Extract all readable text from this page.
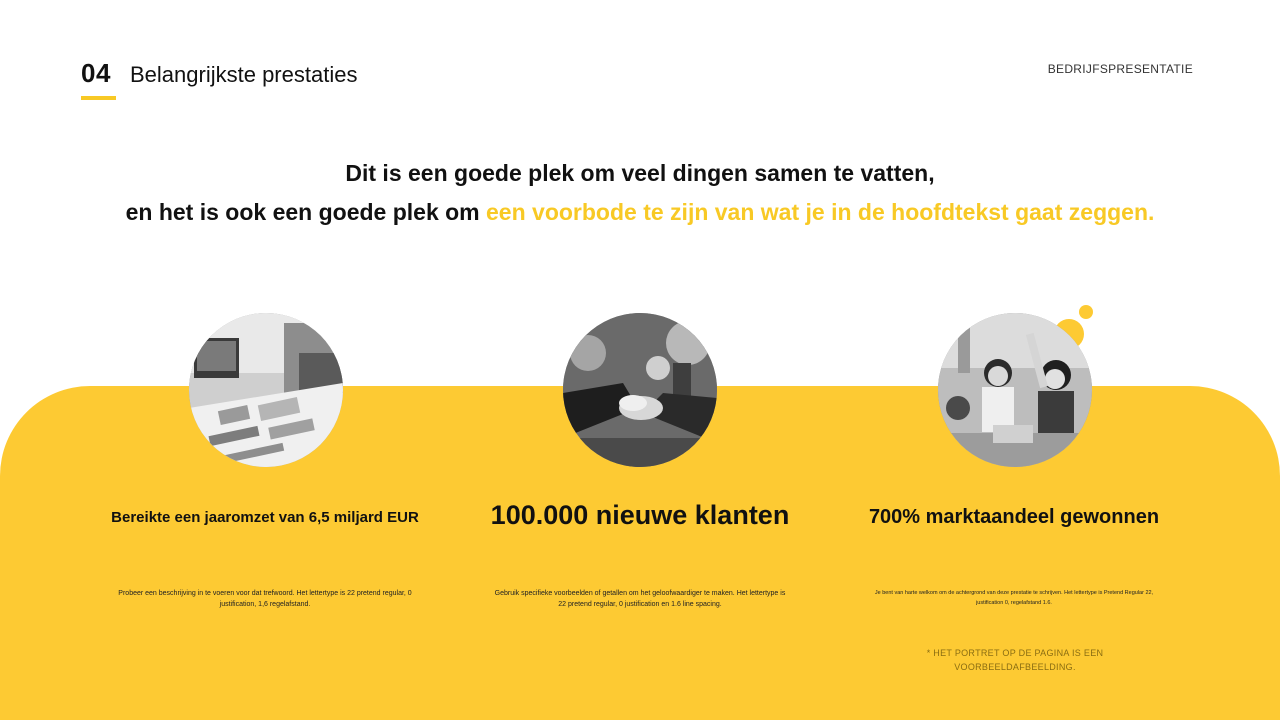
04 Belangrijkste prestaties	BEDRIJFSPRESENTATIE
Dit is een goede plek om veel dingen samen te vatten,
en het is ook een goede plek om een voorbode te zijn van wat je in de hoofdtekst gaat zeggen.
Bereikte een jaaromzet van 6,5 miljard EUR	100.000 nieuwe klanten	700% marktaandeel gewonnen
Probeer een beschrijving in te voeren voor dat trefwoord. Het lettertype is 22 pretend regular, 0 justification, 1,6 regelafstand.
Gebruik specifieke voorbeelden of getallen om het geloofwaardiger te maken. Het lettertype is 22 pretend regular, 0 justification en 1.6 line spacing.
Je bent van harte welkom om de achtergrond van deze prestatie te schrijven. Het lettertype is Pretend Regular 22, justification 0, regelafstand 1.6.
* HET PORTRET OP DE PAGINA IS EEN VOORBEELDAFBEELDING.
